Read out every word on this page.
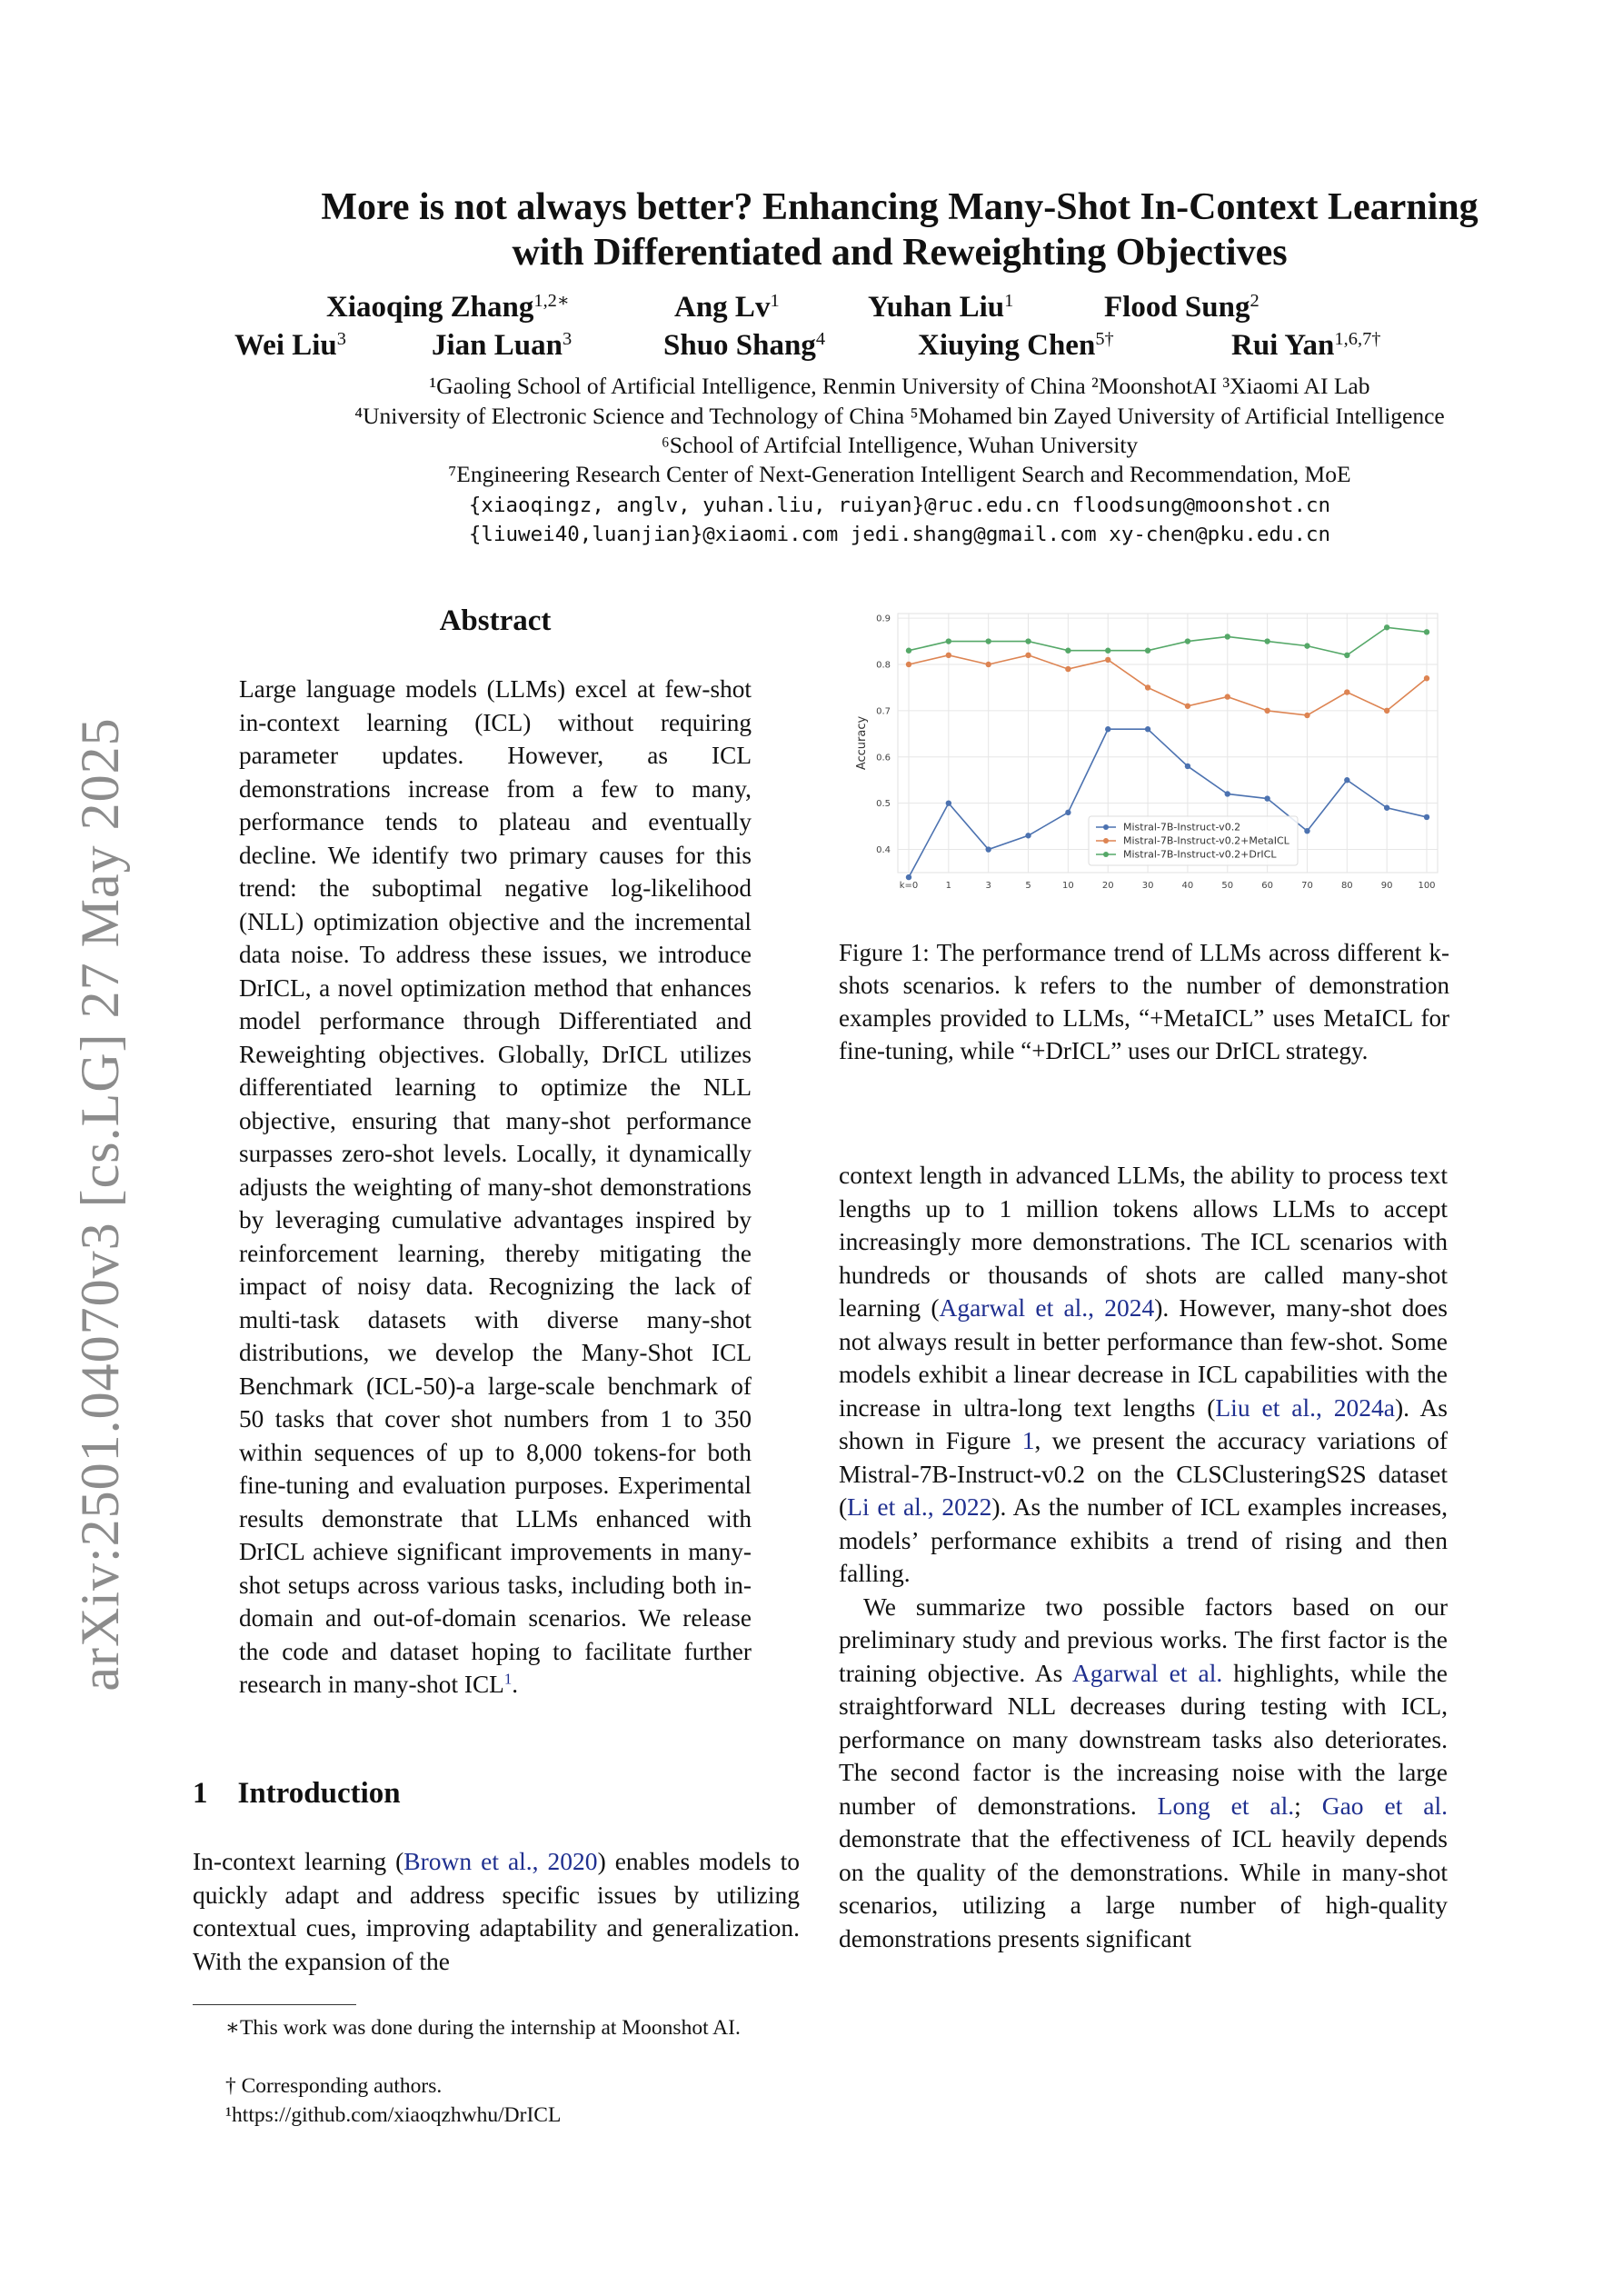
arXiv:2501.04070v3 [cs.LG] 27 May 2025
More is not always better? Enhancing Many-Shot In-Context Learning
with Differentiated and Reweighting Objectives
Xiaoqing Zhang$^{1,2∗}$	Ang Lv$^1$	Yuhan Liu$^1$	Flood Sung$^2$
Wei Liu$^3$	Jian Luan$^3$	Shuo Shang$^4$	Xiuying Chen$^{5\dagger}$	Rui Yan$^{1,6,7\dagger}$
¹Gaoling School of Artificial Intelligence, Renmin University of China ²MoonshotAI ³Xiaomi AI Lab
⁴University of Electronic Science and Technology of China ⁵Mohamed bin Zayed University of Artificial Intelligence
⁶School of Artifcial Intelligence, Wuhan University
⁷Engineering Research Center of Next-Generation Intelligent Search and Recommendation, MoE
{xiaoqingz, anglv, yuhan.liu, ruiyan}@ruc.edu.cn floodsung@moonshot.cn
{liuwei40,luanjian}@xiaomi.com jedi.shang@gmail.com xy-chen@pku.edu.cn
Abstract
Large language models (LLMs) excel at few-shot in-context learning (ICL) without requiring parameter updates. However, as ICL demonstrations increase from a few to many, performance tends to plateau and eventually decline. We identify two primary causes for this trend: the suboptimal negative log-likelihood (NLL) optimization objective and the incremental data noise. To address these issues, we introduce DrICL, a novel optimization method that enhances model performance through Differentiated and Reweighting objectives. Globally, DrICL utilizes differentiated learning to optimize the NLL objective, ensuring that many-shot performance surpasses zero-shot levels. Locally, it dynamically adjusts the weighting of many-shot demonstrations by leveraging cumulative advantages inspired by reinforcement learning, thereby mitigating the impact of noisy data. Recognizing the lack of multi-task datasets with diverse many-shot distributions, we develop the Many-Shot ICL Benchmark (ICL-50)-a large-scale benchmark of 50 tasks that cover shot numbers from 1 to 350 within sequences of up to 8,000 tokens-for both fine-tuning and evaluation purposes. Experimental results demonstrate that LLMs enhanced with DrICL achieve significant improvements in many-shot setups across various tasks, including both in-domain and out-of-domain scenarios. We release the code and dataset hoping to facilitate further research in many-shot ICL$^1$.
1 Introduction
In-context learning (Brown et al., 2020) enables models to quickly adapt and address specific issues by utilizing contextual cues, improving adaptability and generalization. With the expansion of the
∗This work was done during the internship at Moonshot AI.
† Corresponding authors.
¹https://github.com/xiaoqzhwhu/DrICL
0.4
0.5
0.6
0.7
0.8
0.9
k=0	1	3	5	10	20	30	40	50	60	70	80	90	100
Accuracy
Mistral-7B-Instruct-v0.2
Mistral-7B-Instruct-v0.2+MetaICL
Mistral-7B-Instruct-v0.2+DrICL
Figure 1: The performance trend of LLMs across different k-shots scenarios. k refers to the number of demonstration examples provided to LLMs, “+MetaICL” uses MetaICL for fine-tuning, while “+DrICL” uses our DrICL strategy.

context length in advanced LLMs, the ability to process text lengths up to 1 million tokens allows LLMs to accept increasingly more demonstrations. The ICL scenarios with hundreds or thousands of shots are called many-shot learning (Agarwal et al., 2024). However, many-shot does not always result in better performance than few-shot. Some models exhibit a linear decrease in ICL capabilities with the increase in ultra-long text lengths (Liu et al., 2024a). As shown in Figure 1, we present the accuracy variations of Mistral-7B-Instruct-v0.2 on the CLSClusteringS2S dataset (Li et al., 2022). As the number of ICL examples increases, models’ performance exhibits a trend of rising and then falling.

We summarize two possible factors based on our preliminary study and previous works. The first factor is the training objective. As Agarwal et al. highlights, while the straightforward NLL decreases during testing with ICL, performance on many downstream tasks also deteriorates. The second factor is the increasing noise with the large number of demonstrations. Long et al.; Gao et al. demonstrate that the effectiveness of ICL heavily depends on the quality of the demonstrations. While in many-shot scenarios, utilizing a large number of high-quality demonstrations presents significant
